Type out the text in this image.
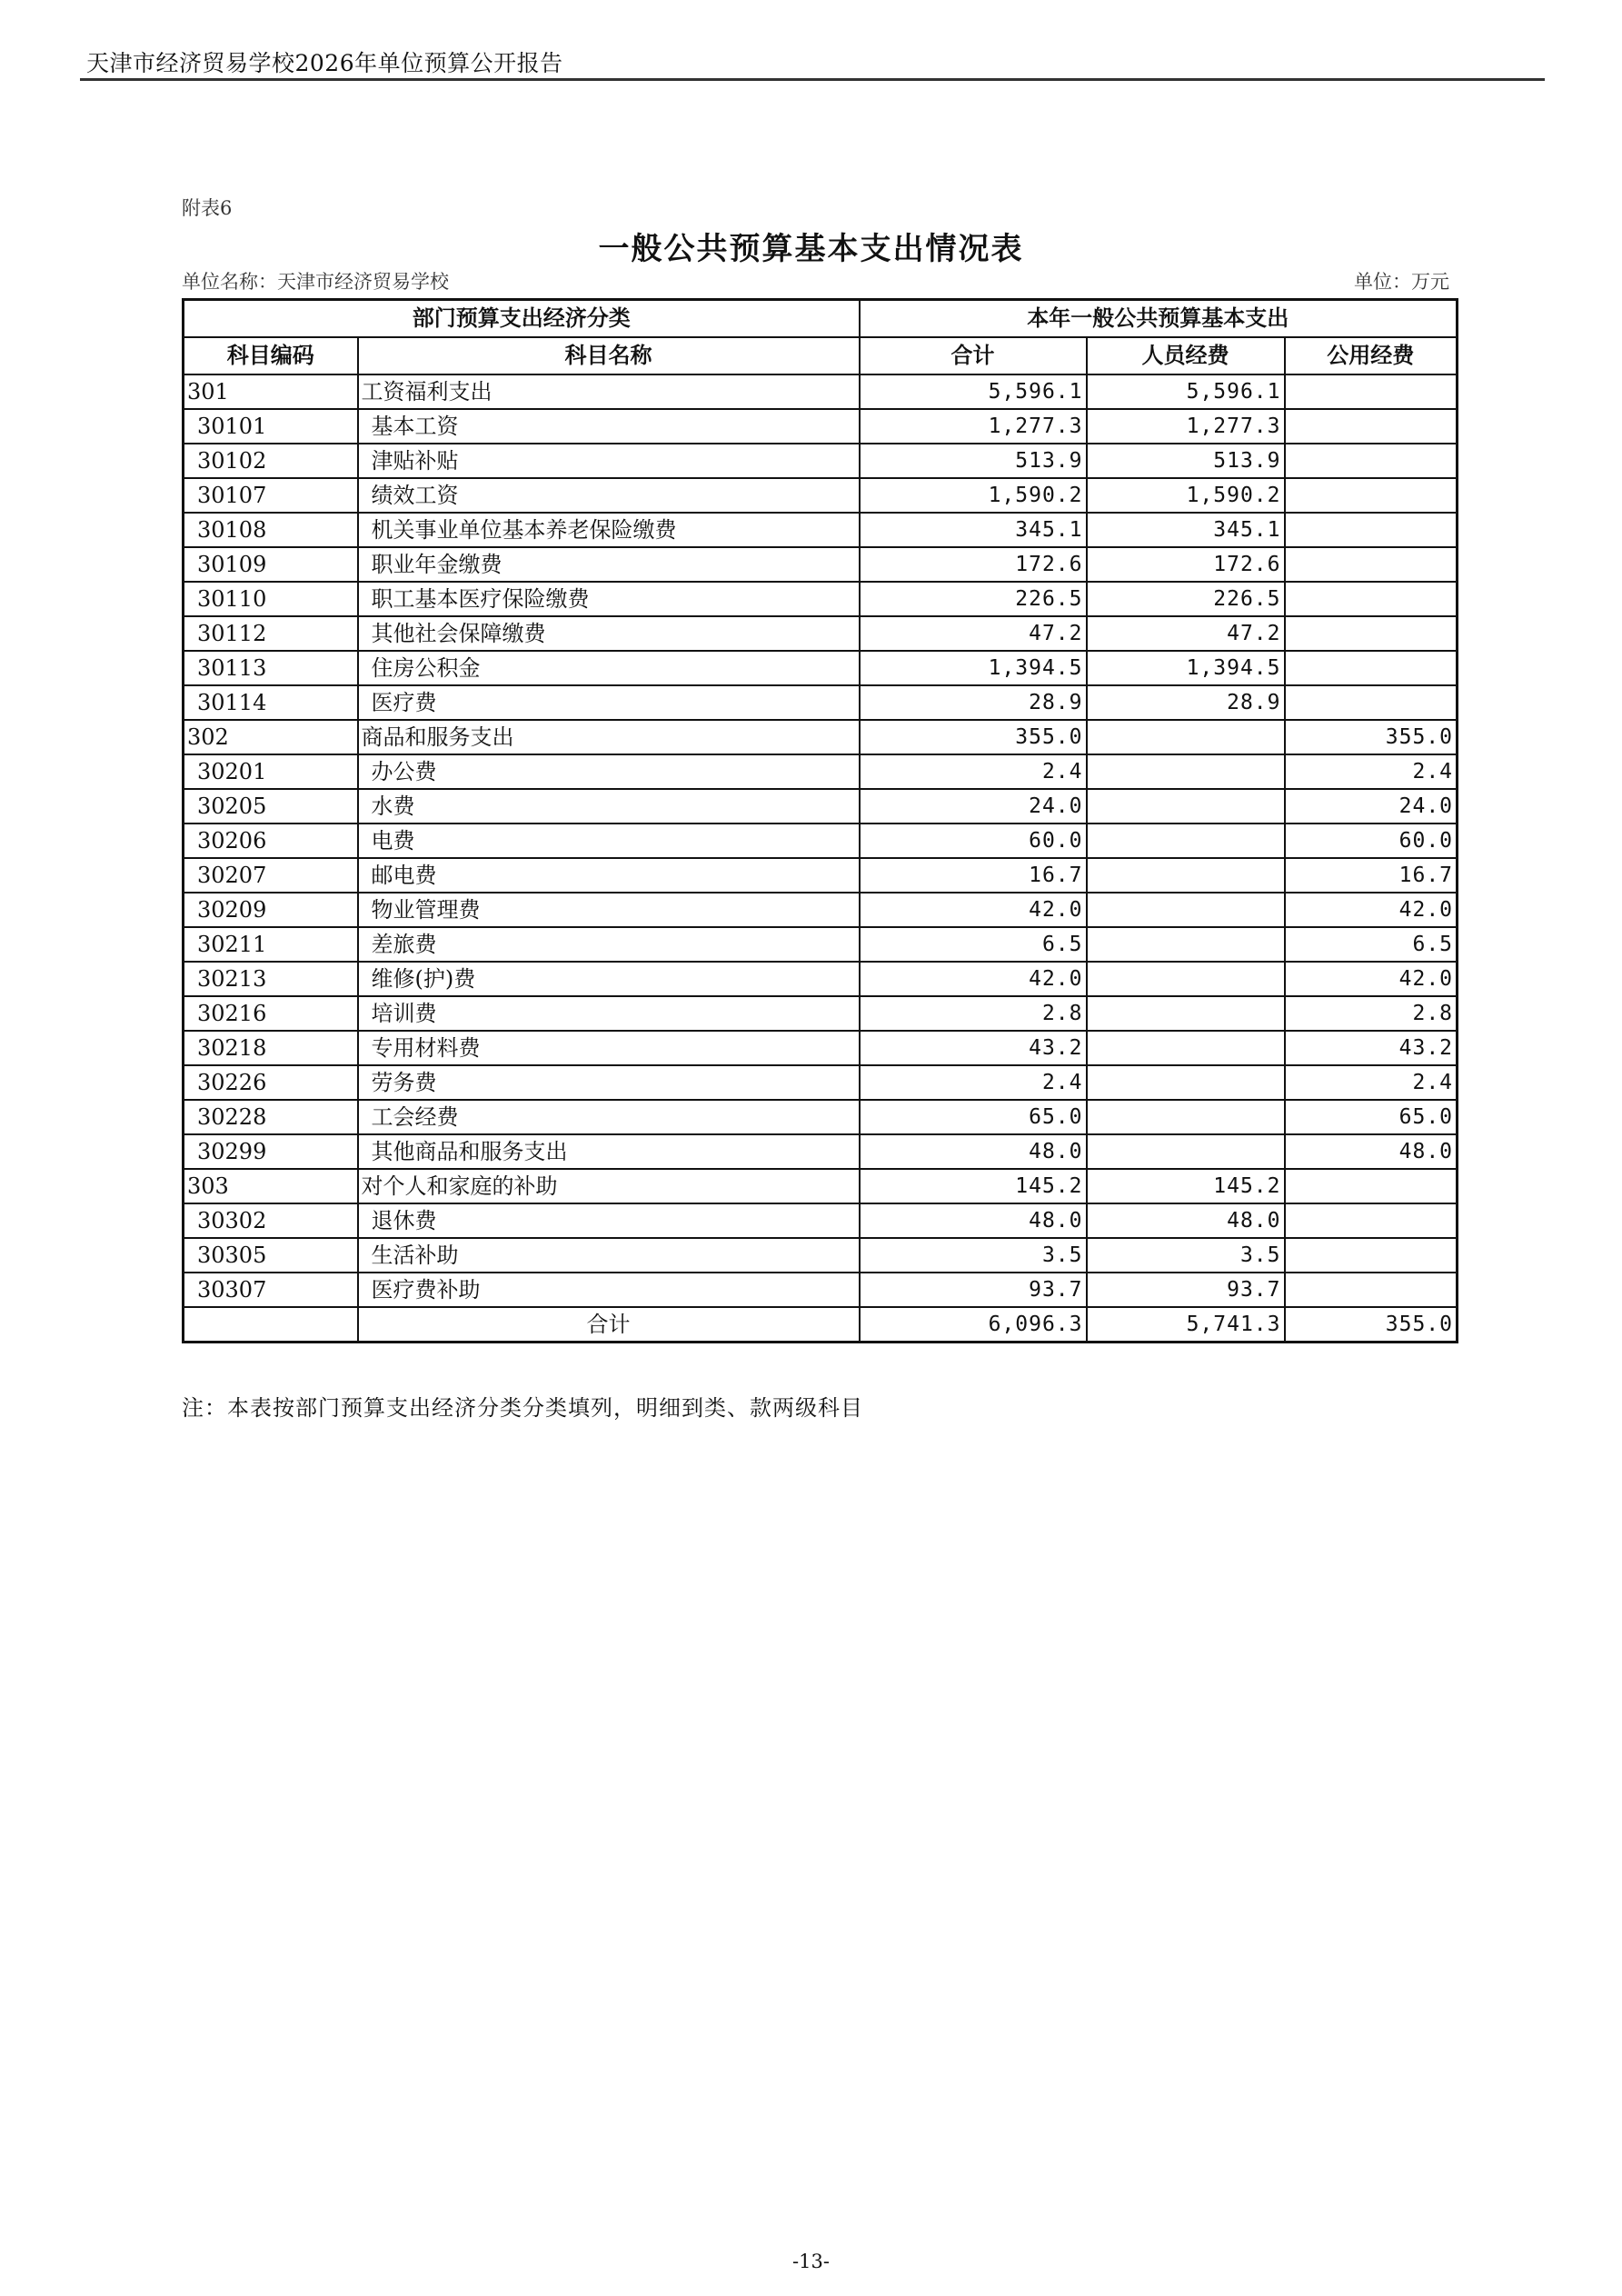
天津市经济贸易学校2026年单位预算公开报告
附表6
一般公共预算基本支出情况表
单位名称：天津市经济贸易学校	单位：万元
部门预算支出经济分类		本年一般公共预算基本支出		
科目编码	科目名称	合计	人员经费	公用经费
301	工资福利支出	5,596.1	5,596.1	
30101	基本工资	1,277.3	1,277.3	
30102	津贴补贴	513.9	513.9	
30107	绩效工资	1,590.2	1,590.2	
30108	机关事业单位基本养老保险缴费	345.1	345.1	
30109	职业年金缴费	172.6	172.6	
30110	职工基本医疗保险缴费	226.5	226.5	
30112	其他社会保障缴费	47.2	47.2	
30113	住房公积金	1,394.5	1,394.5	
30114	医疗费	28.9	28.9	
302	商品和服务支出	355.0		355.0
30201	办公费	2.4		2.4
30205	水费	24.0		24.0
30206	电费	60.0		60.0
30207	邮电费	16.7		16.7
30209	物业管理费	42.0		42.0
30211	差旅费	6.5		6.5
30213	维修(护)费	42.0		42.0
30216	培训费	2.8		2.8
30218	专用材料费	43.2		43.2
30226	劳务费	2.4		2.4
30228	工会经费	65.0		65.0
30299	其他商品和服务支出	48.0		48.0
303	对个人和家庭的补助	145.2	145.2	
30302	退休费	48.0	48.0	
30305	生活补助	3.5	3.5	
30307	医疗费补助	93.7	93.7	
	合计	6,096.3	5,741.3	355.0
注：本表按部门预算支出经济分类分类填列，明细到类、款两级科目
-13-
